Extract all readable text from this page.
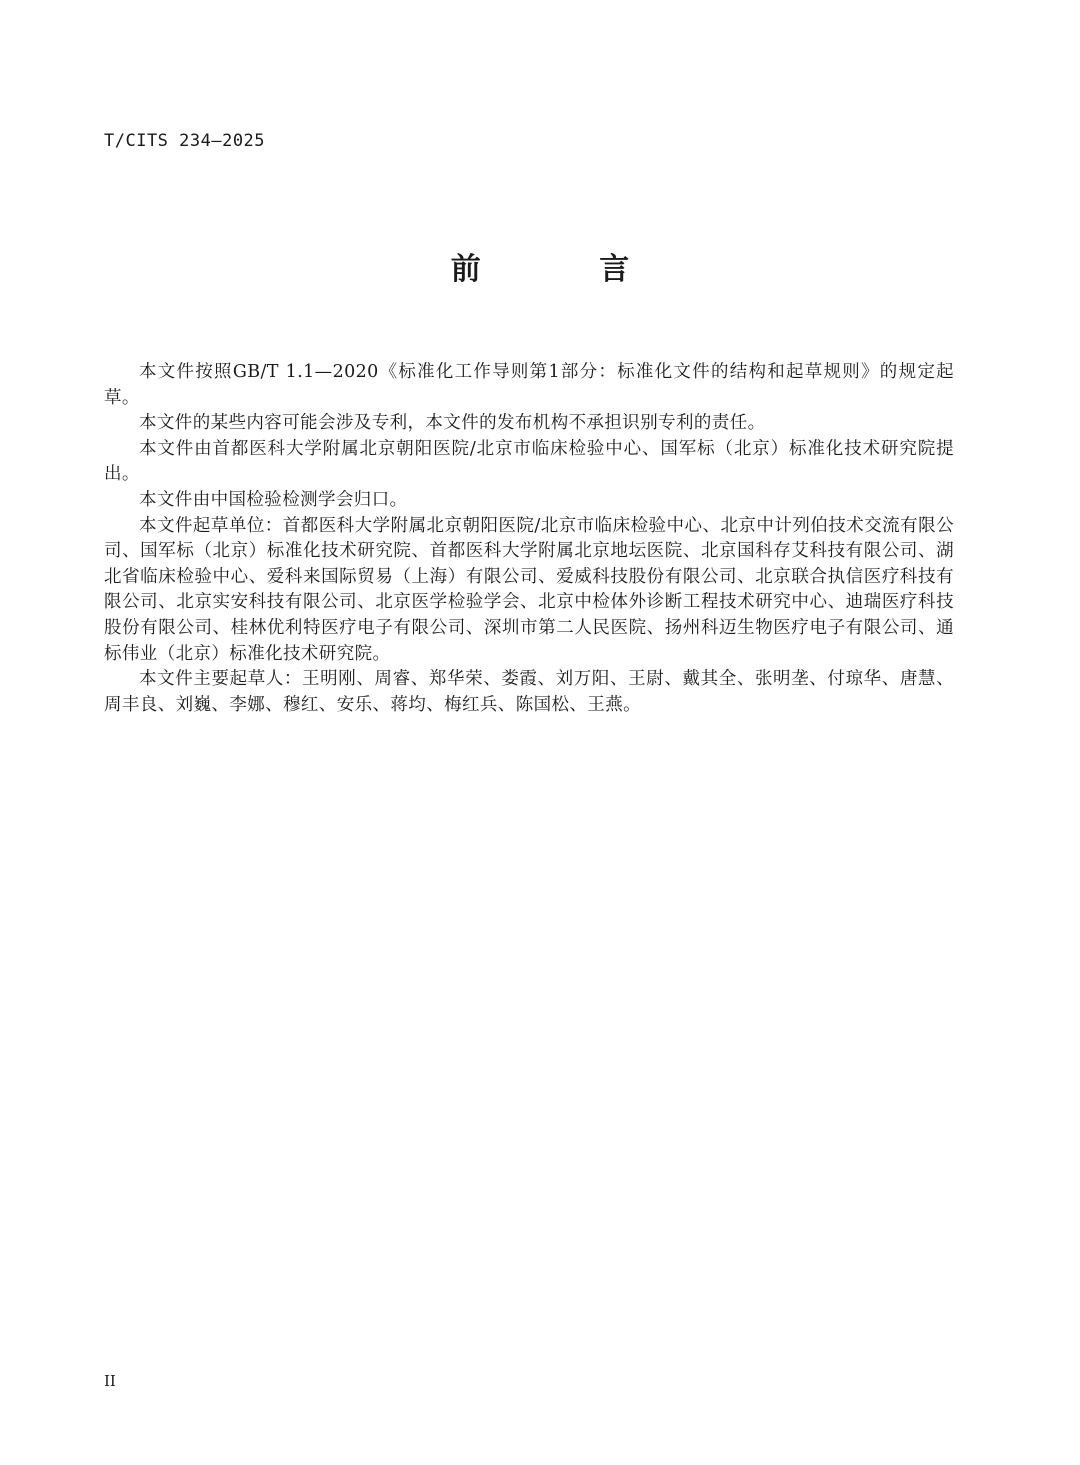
T/CITS 234—2025
前 言

本文件按照GB/T 1.1—2020《标准化工作导则第1部分：标准化文件的结构和起草规则》的规定起草。

本文件的某些内容可能会涉及专利，本文件的发布机构不承担识别专利的责任。

本文件由首都医科大学附属北京朝阳医院/北京市临床检验中心、国军标（北京）标准化技术研究院提出。

本文件由中国检验检测学会归口。

本文件起草单位：首都医科大学附属北京朝阳医院/北京市临床检验中心、北京中计列伯技术交流有限公司、国军标（北京）标准化技术研究院、首都医科大学附属北京地坛医院、北京国科存艾科技有限公司、湖北省临床检验中心、爱科来国际贸易（上海）有限公司、爱威科技股份有限公司、北京联合执信医疗科技有限公司、北京实安科技有限公司、北京医学检验学会、北京中检体外诊断工程技术研究中心、迪瑞医疗科技股份有限公司、桂林优利特医疗电子有限公司、深圳市第二人民医院、扬州科迈生物医疗电子有限公司、通标伟业（北京）标准化技术研究院。

本文件主要起草人：王明刚、周睿、郑华荣、娄霞、刘万阳、王尉、戴其全、张明垄、付琼华、唐慧、周丰良、刘巍、李娜、穆红、安乐、蒋均、梅红兵、陈国松、王燕。

II
